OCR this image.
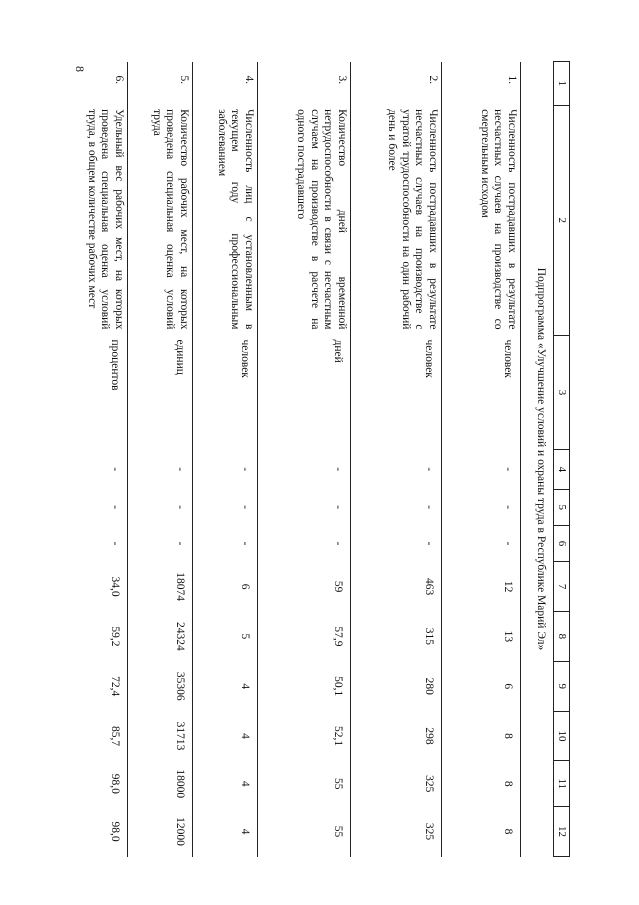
8
1	2	3	4	5	6	7	8	9	10	11	12
Подпрограмма «Улучшение условий и охраны труда в Республике Марий Эл»											
1.	Численность пострадавших в результате несчастных случаев на производстве со смертельным исходом	человек	-	-	-	12	13	6	8	8	8
2.	Численность пострадавших в результате несчастных случаев на производстве с утратой трудоспособности на один рабочий день и более	человек	-	-	-	463	315	280	298	325	325
3.	Количество дней временной нетрудоспособности в связи с несчастным случаем на производстве в расчете на одного пострадавшего	дней	-	-	-	59	57,9	50,1	52,1	55	55
4.	Численность лиц с установленным в текущем году профессиональным заболеванием	человек	-	-	-	6	5	4	4	4	4
5.	Количество рабочих мест, на которых проведена специальная оценка условий труда	единиц	-	-	-	18074	24324	35306	31713	18000	12000
6.	Удельный вес рабочих мест, на которых проведена специальная оценка условий труда, в общем количестве рабочих мест	процентов	-	-	-	34,0	59,2	72,4	85,7	98,0	98,0
